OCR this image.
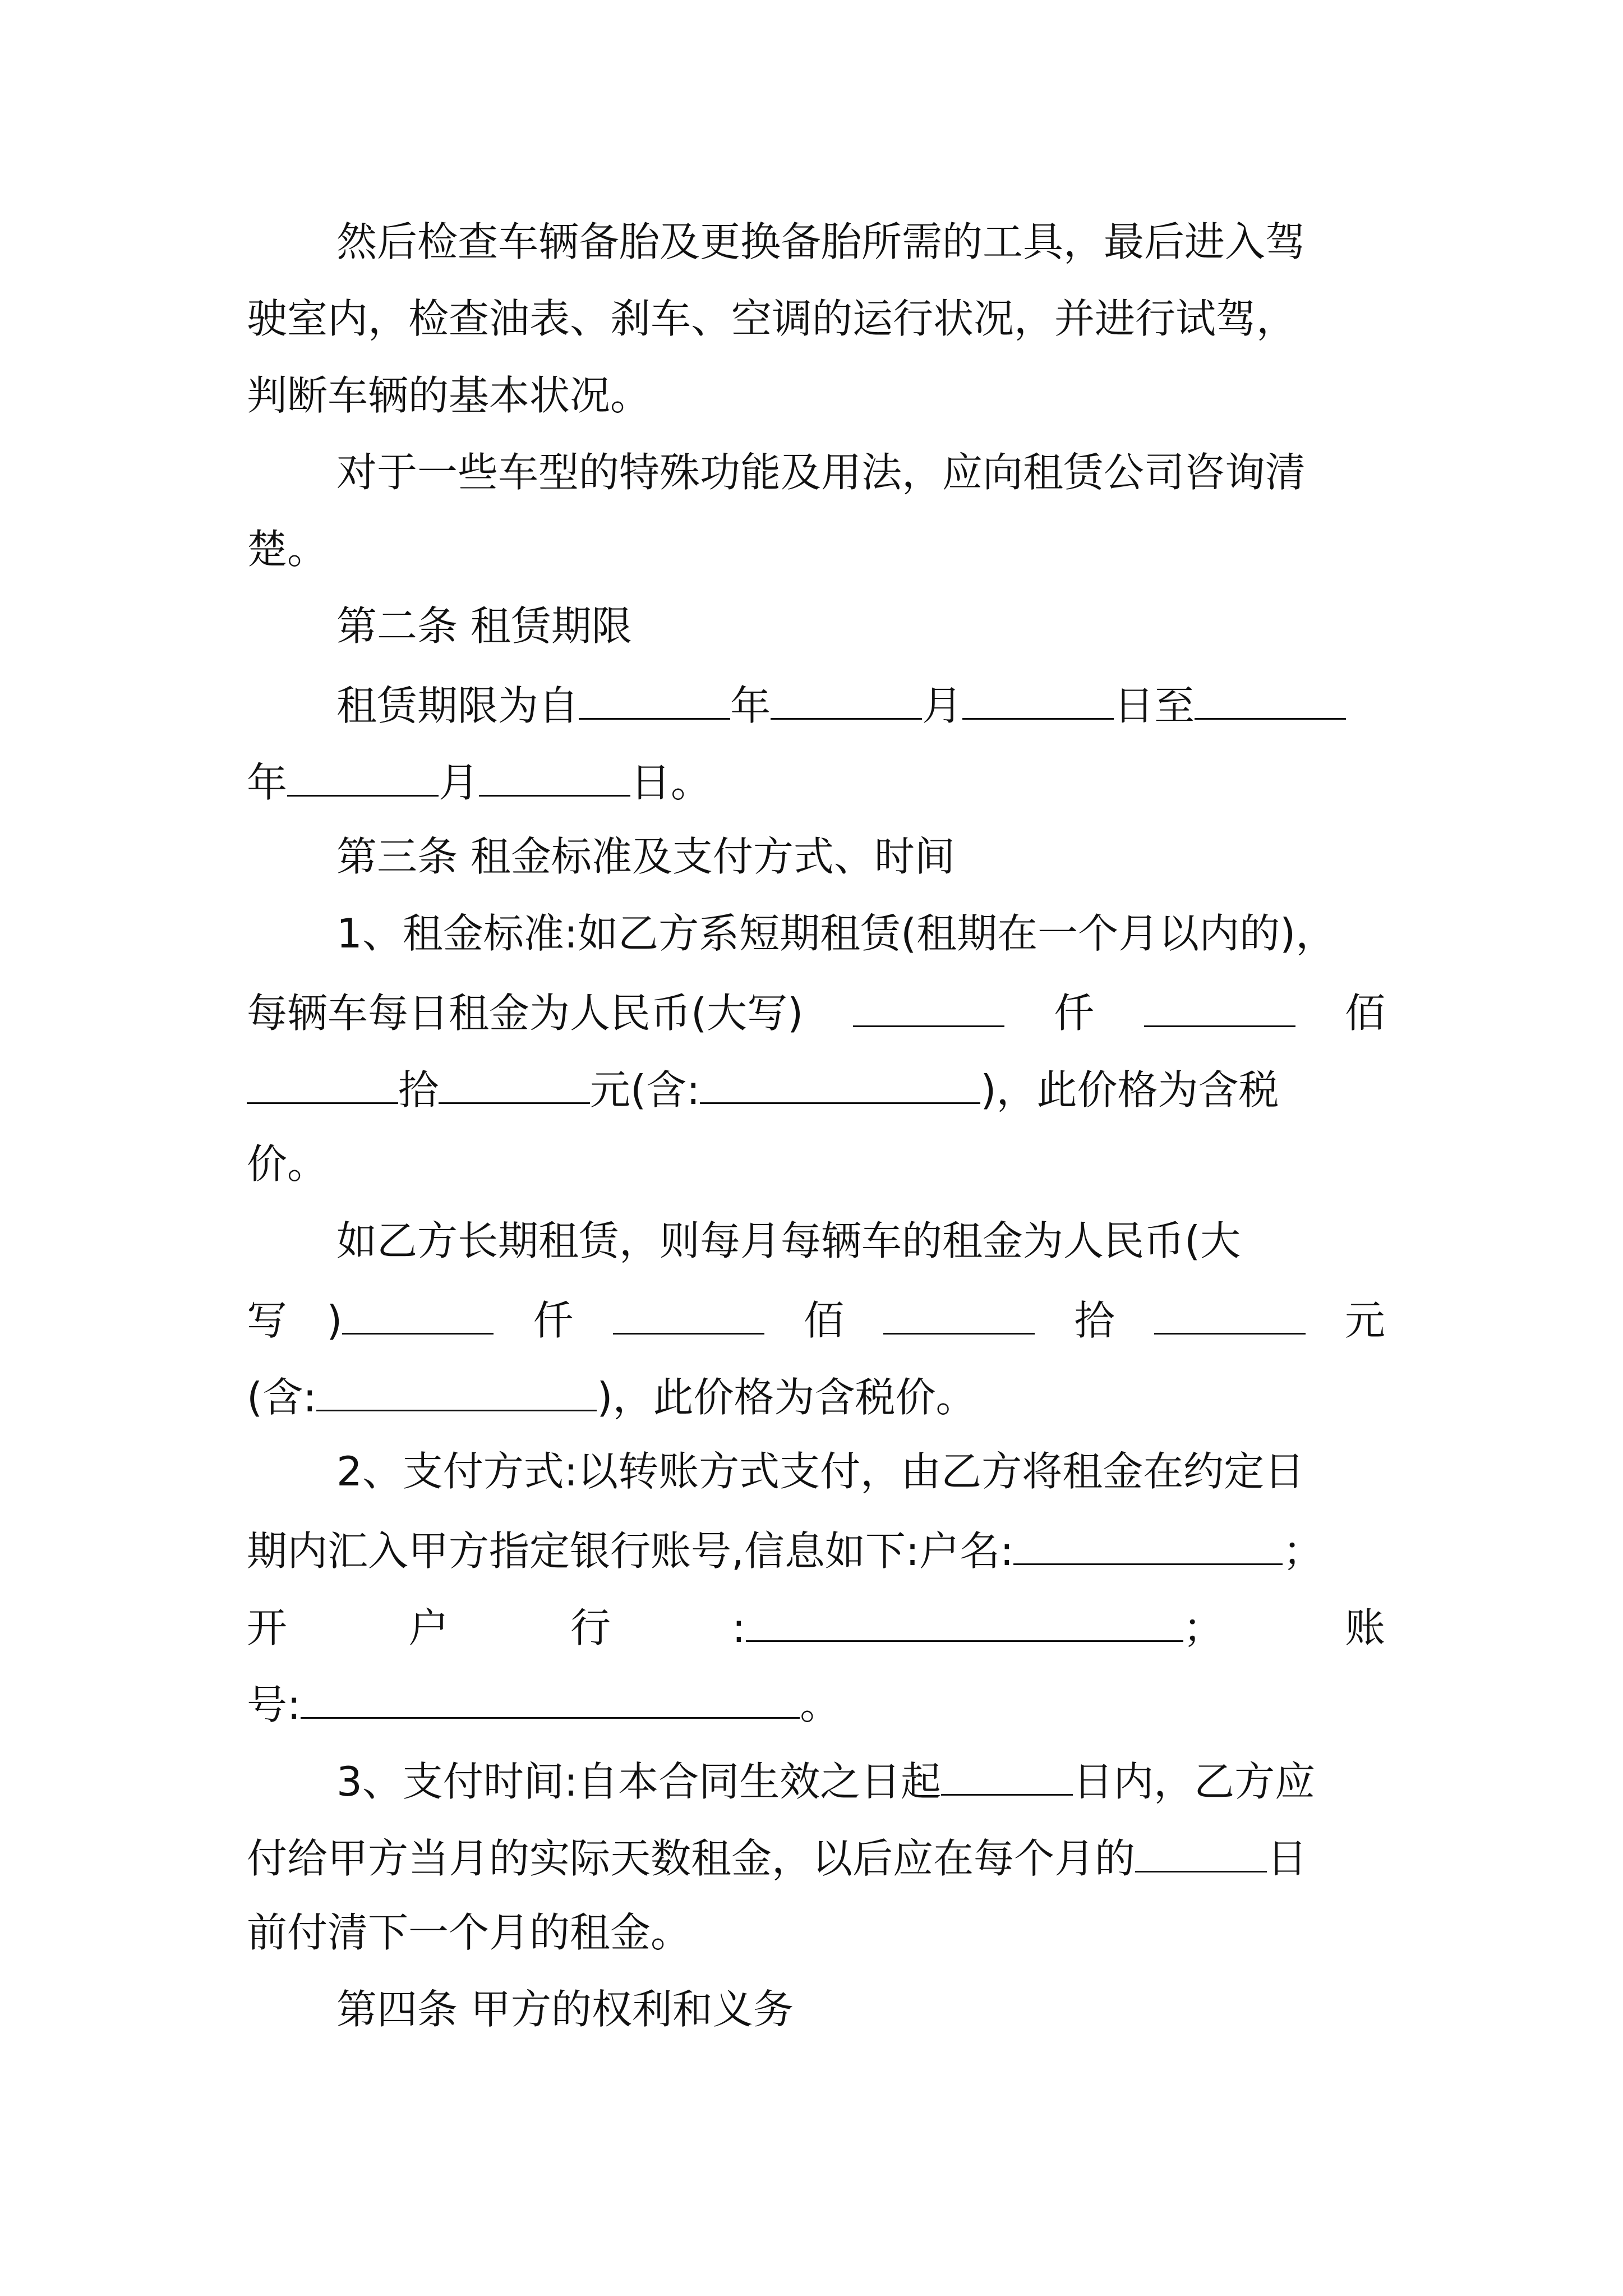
然后检查车辆备胎及更换备胎所需的工具，最后进入驾
驶室内，检查油表、刹车、空调的运行状况，并进行试驾，
判断车辆的基本状况。
对于一些车型的特殊功能及用法，应向租赁公司咨询清
楚。
第二条 租赁期限
租赁期限为自	年	月	日至
年	月	日。
第三条 租金标准及支付方式、时间
1、租金标准:如乙方系短期租赁(租期在一个月以内的)，
每辆车每日租金为人民币(大写)	仟	佰
拾	元(含:	)，此价格为含税
价。
如乙方长期租赁，则每月每辆车的租金为人民币(大
写 )	仟	佰	拾	元
(含:	)，此价格为含税价。
2、支付方式:以转账方式支付，由乙方将租金在约定日
期内汇入甲方指定银行账号,信息如下:户名:	；
开	户	行	:	；	账
号:	。
3、支付时间:自本合同生效之日起	日内，乙方应
付给甲方当月的实际天数租金，以后应在每个月的	日
前付清下一个月的租金。
第四条 甲方的权利和义务
